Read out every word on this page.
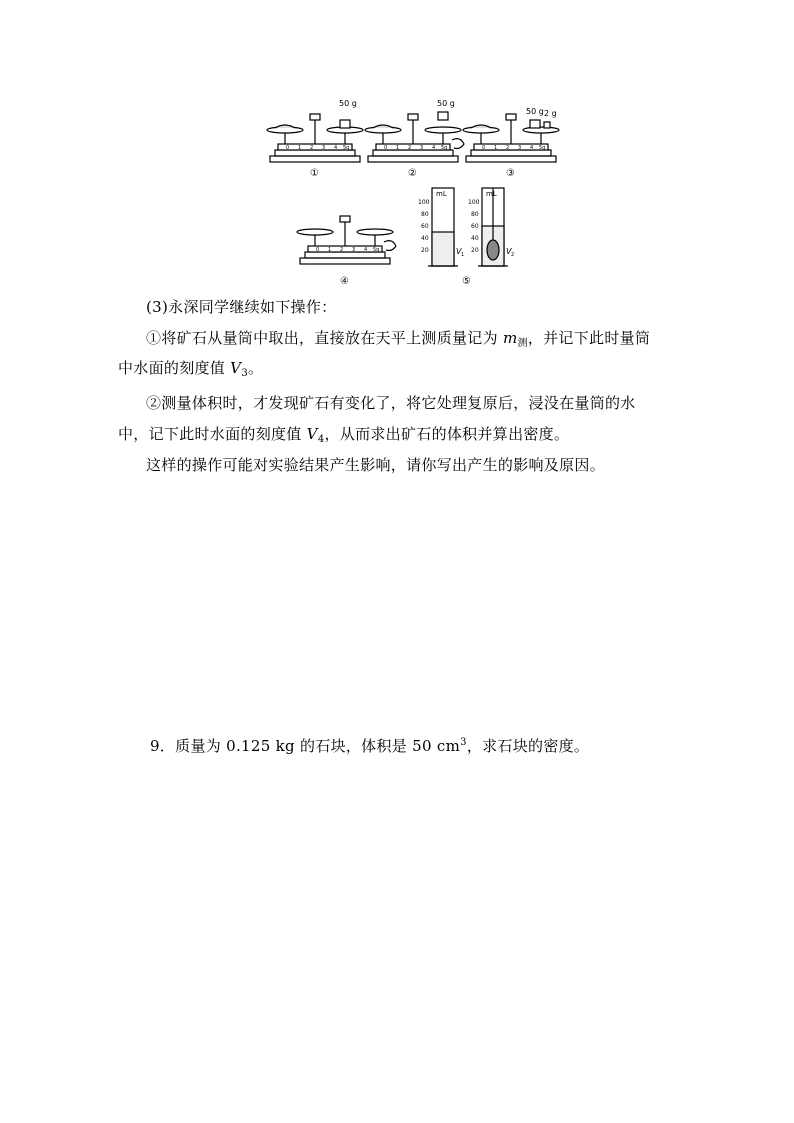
50 g	50 g
50 g 2 g
0 1 2 3 4 5g	0 1 2 3 4 5g	0 1 2 3 4 5g
0 1 2 3 4 5g
①	②	③
④	⑤
mL	mL
100
80
60
40
20
100
80
60
40
20
V 1	V 2
(3)永深同学继续如下操作：
①将矿石从量筒中取出，直接放在天平上测质量记为 $m_测$，并记下此时量筒
中水面的刻度值 $V_3$。
②测量体积时，才发现矿石有变化了，将它处理复原后，浸没在量筒的水
中，记下此时水面的刻度值 $V_4$，从而求出矿石的体积并算出密度。
这样的操作可能对实验结果产生影响，请你写出产生的影响及原因。
9．质量为 0.125 kg 的石块，体积是 50 $cm^3$，求石块的密度。
